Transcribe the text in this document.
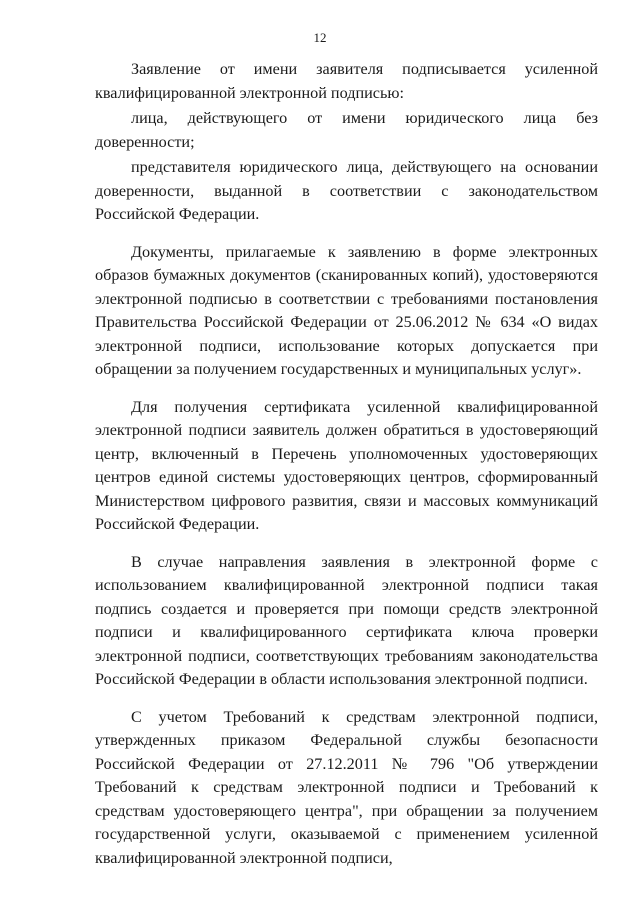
12

Заявление от имени заявителя подписывается усиленной квалифицированной электронной подписью:

лица, действующего от имени юридического лица без доверенности;

представителя юридического лица, действующего на основании доверенности, выданной в соответствии с законодательством Российской Федерации.

Документы, прилагаемые к заявлению в форме электронных образов бумажных документов (сканированных копий), удостоверяются электронной подписью в соответствии с требованиями постановления Правительства Российской Федерации от 25.06.2012 № 634 «О видах электронной подписи, использование которых допускается при обращении за получением государственных и муниципальных услуг».

Для получения сертификата усиленной квалифицированной электронной подписи заявитель должен обратиться в удостоверяющий центр, включенный в Перечень уполномоченных удостоверяющих центров единой системы удостоверяющих центров, сформированный Министерством цифрового развития, связи и массовых коммуникаций Российской Федерации.

В случае направления заявления в электронной форме с использованием квалифицированной электронной подписи такая подпись создается и проверяется при помощи средств электронной подписи и квалифицированного сертификата ключа проверки электронной подписи, соответствующих требованиям законодательства Российской Федерации в области использования электронной подписи.

С учетом Требований к средствам электронной подписи, утвержденных приказом Федеральной службы безопасности Российской Федерации от 27.12.2011 № 796 "Об утверждении Требований к средствам электронной подписи и Требований к средствам удостоверяющего центра", при обращении за получением государственной услуги, оказываемой с применением усиленной квалифицированной электронной подписи,
